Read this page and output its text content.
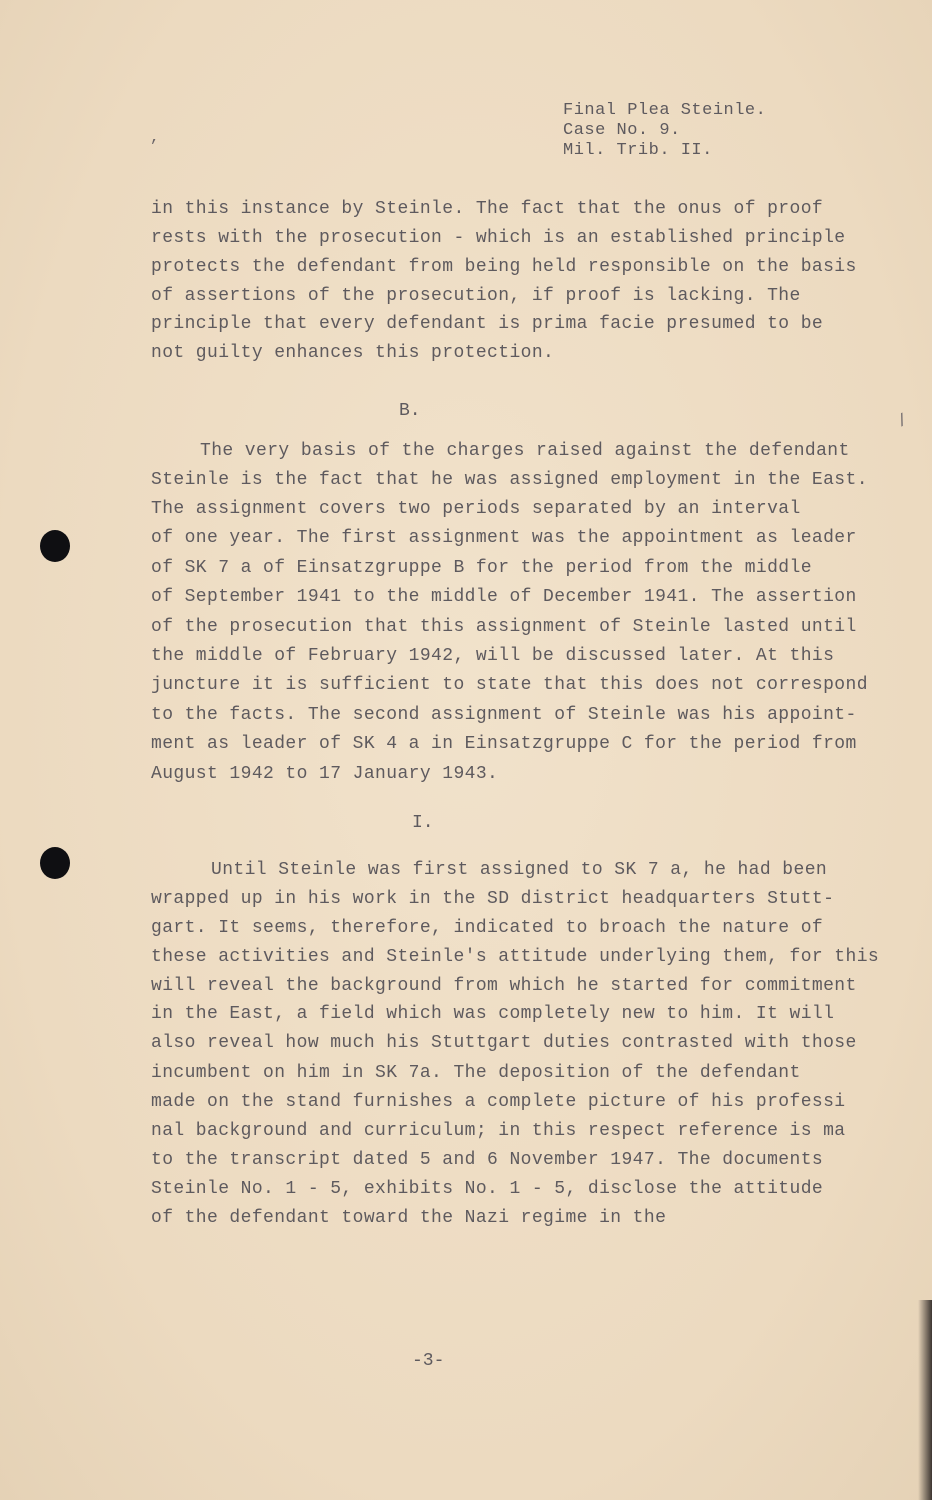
Final Plea Steinle.
Case No. 9.
Mil. Trib. II.
,
in this instance by Steinle. The fact that the onus of proof
rests with the prosecution - which is an established principle
protects the defendant from being held responsible on the basis
of assertions of the prosecution, if proof is lacking. The
principle that every defendant is prima facie presumed to be
not guilty enhances this protection.
B.
The very basis of the charges raised against the defendant
Steinle is the fact that he was assigned employment in the East.
The assignment covers two periods separated by an interval
of one year. The first assignment was the appointment as leader
of SK 7 a of Einsatzgruppe B for the period from the middle
of September 1941 to the middle of December 1941. The assertion
of the prosecution that this assignment of Steinle lasted until
the middle of February 1942, will be discussed later. At this
juncture it is sufficient to state that this does not correspond
to the facts. The second assignment of Steinle was his appoint-
ment as leader of SK 4 a in Einsatzgruppe C for the period from
August 1942 to 17 January 1943.
I.
Until Steinle was first assigned to SK 7 a, he had been
wrapped up in his work in the SD district headquarters Stutt-
gart. It seems, therefore, indicated to broach the nature of
these activities and Steinle's attitude underlying them, for this
will reveal the background from which he started for commitment
in the East, a field which was completely new to him. It will
also reveal how much his Stuttgart duties contrasted with those
incumbent on him in SK 7a. The deposition of the defendant
made on the stand furnishes a complete picture of his professi
nal background and curriculum; in this respect reference is ma
to the transcript dated 5 and 6 November 1947. The documents
Steinle No. 1 - 5, exhibits No. 1 - 5, disclose the attitude
of the defendant toward the Nazi regime in the
-3-
/
